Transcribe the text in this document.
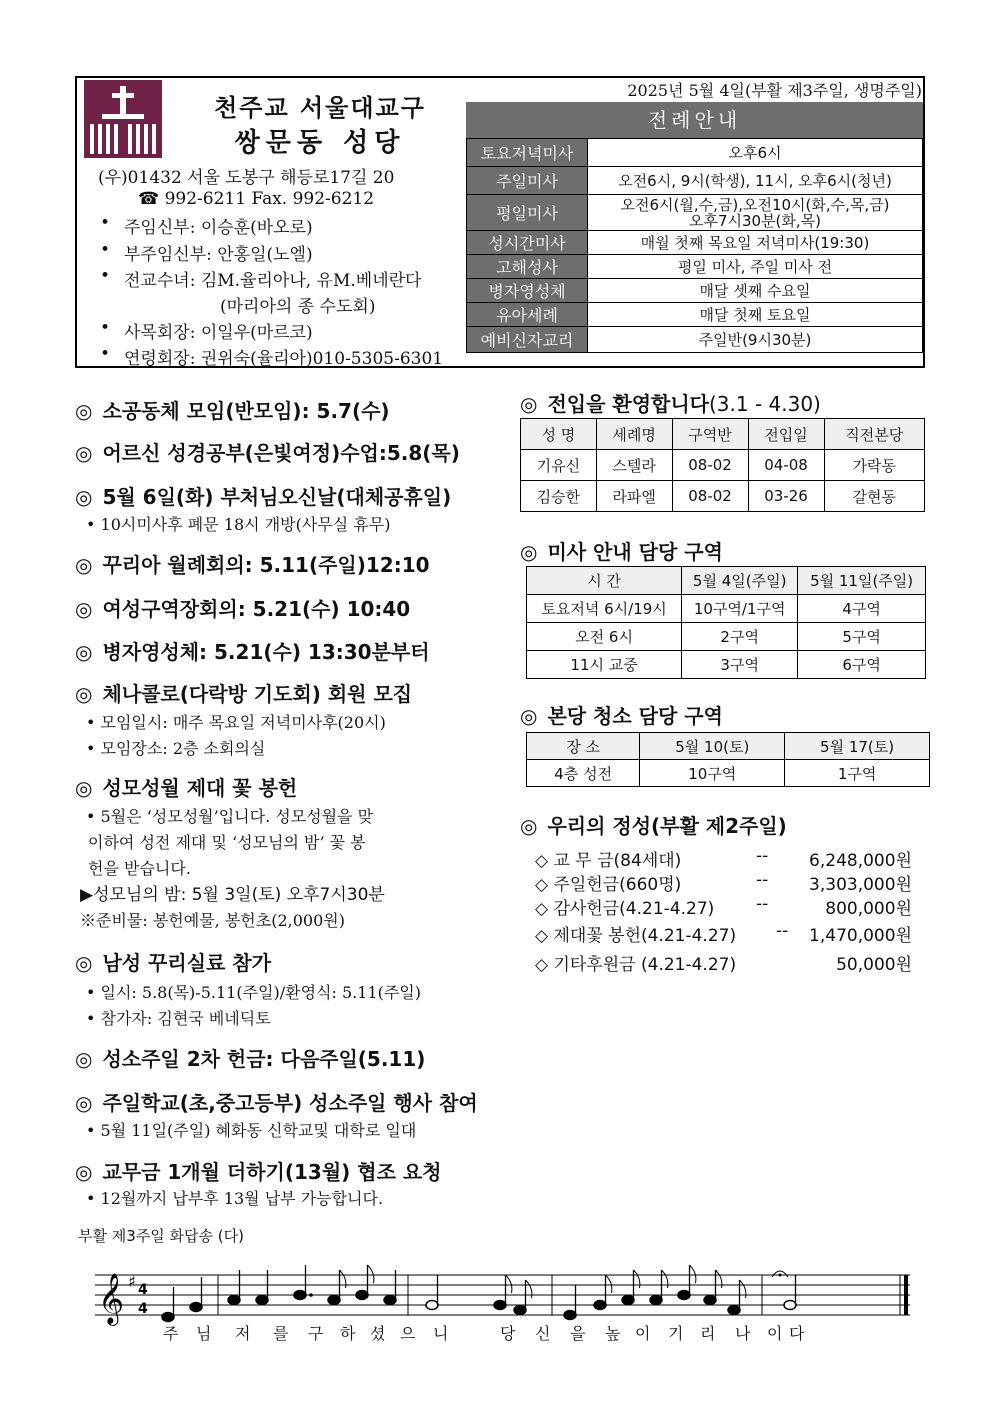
천주교 서울대교구
쌍문동 성당
(우)01432 서울 도봉구 해등로17길 20
☎ 992-6211 Fax. 992-6212
• 주임신부: 이승훈(바오로)
• 부주임신부: 안홍일(노엘)
• 전교수녀: 김M.율리아나, 유M.베네란다
(마리아의 종 수도회)
• 사목회장: 이일우(마르코)
• 연령회장: 권위숙(율리아)010-5305-6301
2025년 5월 4일(부활 제3주일, 생명주일)
전례안내
토요저녁미사	오후6시

주일미사	오전6시, 9시(학생), 11시, 오후6시(청년)

평일미사	오전6시(월,수,금),오전10시(화,수,목,금)
오후7시30분(화,목)

성시간미사	매월 첫째 목요일 저녁미사(19:30)

고해성사	평일 미사, 주일 미사 전

병자영성체	매달 셋째 수요일

유아세례	매달 첫째 토요일

예비신자교리	주일반(9시30분)
◎ 소공동체 모임(반모임): 5.7(수)
◎ 어르신 성경공부(은빛여정)수업:5.8(목)
◎ 5월 6일(화) 부처님오신날(대체공휴일)
• 10시미사후 폐문 18시 개방(사무실 휴무)
◎ 꾸리아 월례회의: 5.11(주일)12:10
◎ 여성구역장회의: 5.21(수) 10:40
◎ 병자영성체: 5.21(수) 13:30분부터
◎ 체나콜로(다락방 기도회) 회원 모집
• 모임일시: 매주 목요일 저녁미사후(20시)
• 모임장소: 2층 소회의실
◎ 성모성월 제대 꽃 봉헌
• 5월은 ‘성모성월’입니다. 성모성월을 맞
이하여 성전 제대 및 ‘성모님의 밤’ 꽃 봉
헌을 받습니다.
▶성모님의 밤: 5월 3일(토) 오후7시30분
※준비물: 봉헌예물, 봉헌초(2,000원)
◎ 남성 꾸리실료 참가
• 일시: 5.8(목)-5.11(주일)/환영식: 5.11(주일)
• 참가자: 김현국 베네딕토
◎ 성소주일 2차 헌금: 다음주일(5.11)
◎ 주일학교(초,중고등부) 성소주일 행사 참여
• 5월 11일(주일) 혜화동 신학교및 대학로 일대
◎ 교무금 1개월 더하기(13월) 협조 요청
• 12월까지 납부후 13월 납부 가능합니다.
◎ 전입을 환영합니다(3.1 - 4.30)
성 명	세례명	구역반	전입일	직전본당
기유신	스텔라	08-02	04-08	가락동
김승한	라파엘	08-02	03-26	갈현동
◎ 미사 안내 담당 구역
시 간	5월 4일(주일)	5월 11일(주일)
토요저녁 6시/19시	10구역/1구역	4구역
오전 6시	2구역	5구역
11시 교중	3구역	6구역
◎ 본당 청소 담당 구역
장 소	5월 10(토)	5월 17(토)
4층 성전	10구역	1구역
◎ 우리의 정성(부활 제2주일)
◇ 교 무 금(84세대)	--	6,248,000원
◇ 주일헌금(660명)	--	3,303,000원
◇ 감사헌금(4.21-4.27) --	800,000원
◇ 제대꽃 봉헌(4.21-4.27) --	1,470,000원
◇ 기타후원금 (4.21-4.27)	50,000원
부활 제3주일 화답송 (다)
𝄞 ♯ 4
4
주 님 저 를 구 하 셨 으 니	당 신 을 높 이 기 리 나 이 다
